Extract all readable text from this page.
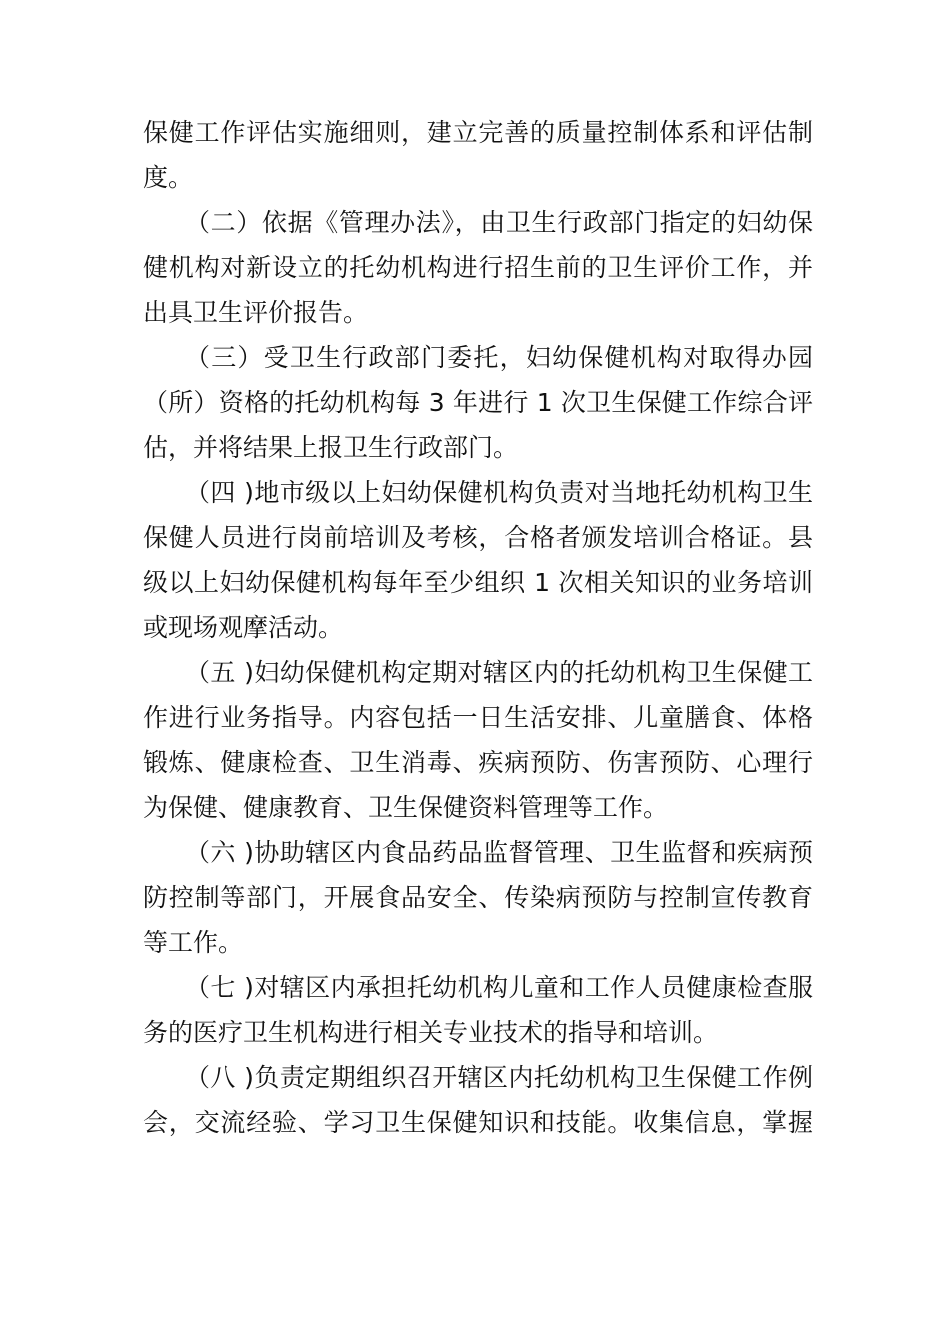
保健工作评估实施细则，建立完善的质量控制体系和评估制
度。
（二）依据《管理办法》，由卫生行政部门指定的妇幼保
健机构对新设立的托幼机构进行招生前的卫生评价工作，并
出具卫生评价报告。
（三）受卫生行政部门委托，妇幼保健机构对取得办园
（所）资格的托幼机构每 3 年进行 1 次卫生保健工作综合评
估，并将结果上报卫生行政部门。
（四 )地市级以上妇幼保健机构负责对当地托幼机构卫生
保健人员进行岗前培训及考核，合格者颁发培训合格证。县
级以上妇幼保健机构每年至少组织 1 次相关知识的业务培训
或现场观摩活动。
（五 )妇幼保健机构定期对辖区内的托幼机构卫生保健工
作进行业务指导。内容包括一日生活安排、儿童膳食、体格
锻炼、健康检查、卫生消毒、疾病预防、伤害预防、心理行
为保健、健康教育、卫生保健资料管理等工作。
（六 )协助辖区内食品药品监督管理、卫生监督和疾病预
防控制等部门，开展食品安全、传染病预防与控制宣传教育
等工作。
（七 )对辖区内承担托幼机构儿童和工作人员健康检查服
务的医疗卫生机构进行相关专业技术的指导和培训。
（八 )负责定期组织召开辖区内托幼机构卫生保健工作例
会，交流经验、学习卫生保健知识和技能。收集信息，掌握
